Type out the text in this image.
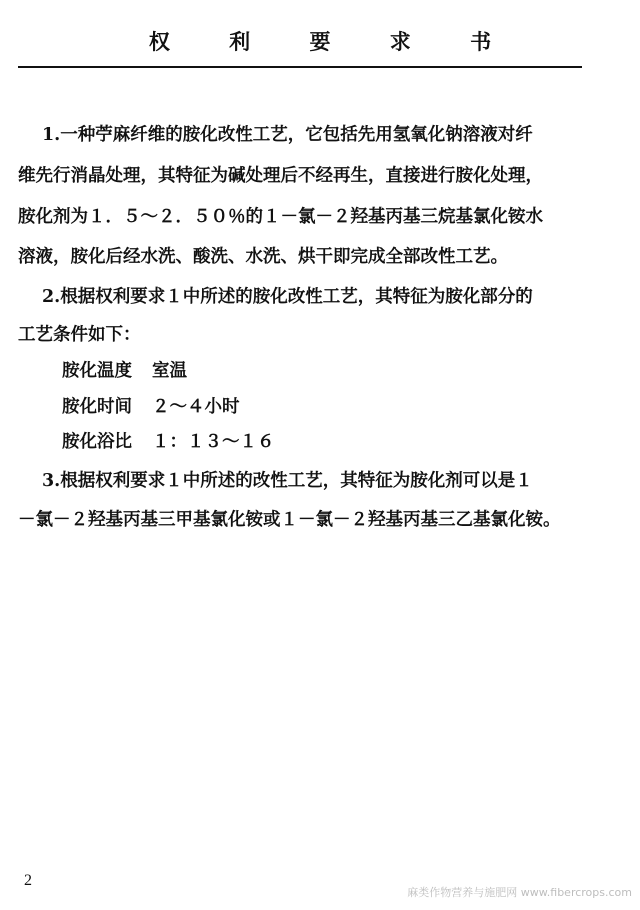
权 利 要 求 书
1.一种苧麻纤维的胺化改性工艺，它包括先用氢氧化钠溶液对纤
维先行消晶处理，其特征为碱处理后不经再生，直接进行胺化处理，
胺化剂为１．５～２．５０％的１－氯－２羟基丙基三烷基氯化铵水
溶液，胺化后经水洗、酸洗、水洗、烘干即完成全部改性工艺。
2.根据权利要求１中所述的胺化改性工艺，其特征为胺化部分的
工艺条件如下：
胺化温度 室温
胺化时间 ２～４小时
胺化浴比 １：１３～１６
3.根据权利要求１中所述的改性工艺，其特征为胺化剂可以是１
－氯－２羟基丙基三甲基氯化铵或１－氯－２羟基丙基三乙基氯化铵。
2
麻类作物营养与施肥网 www.fibercrops.com
